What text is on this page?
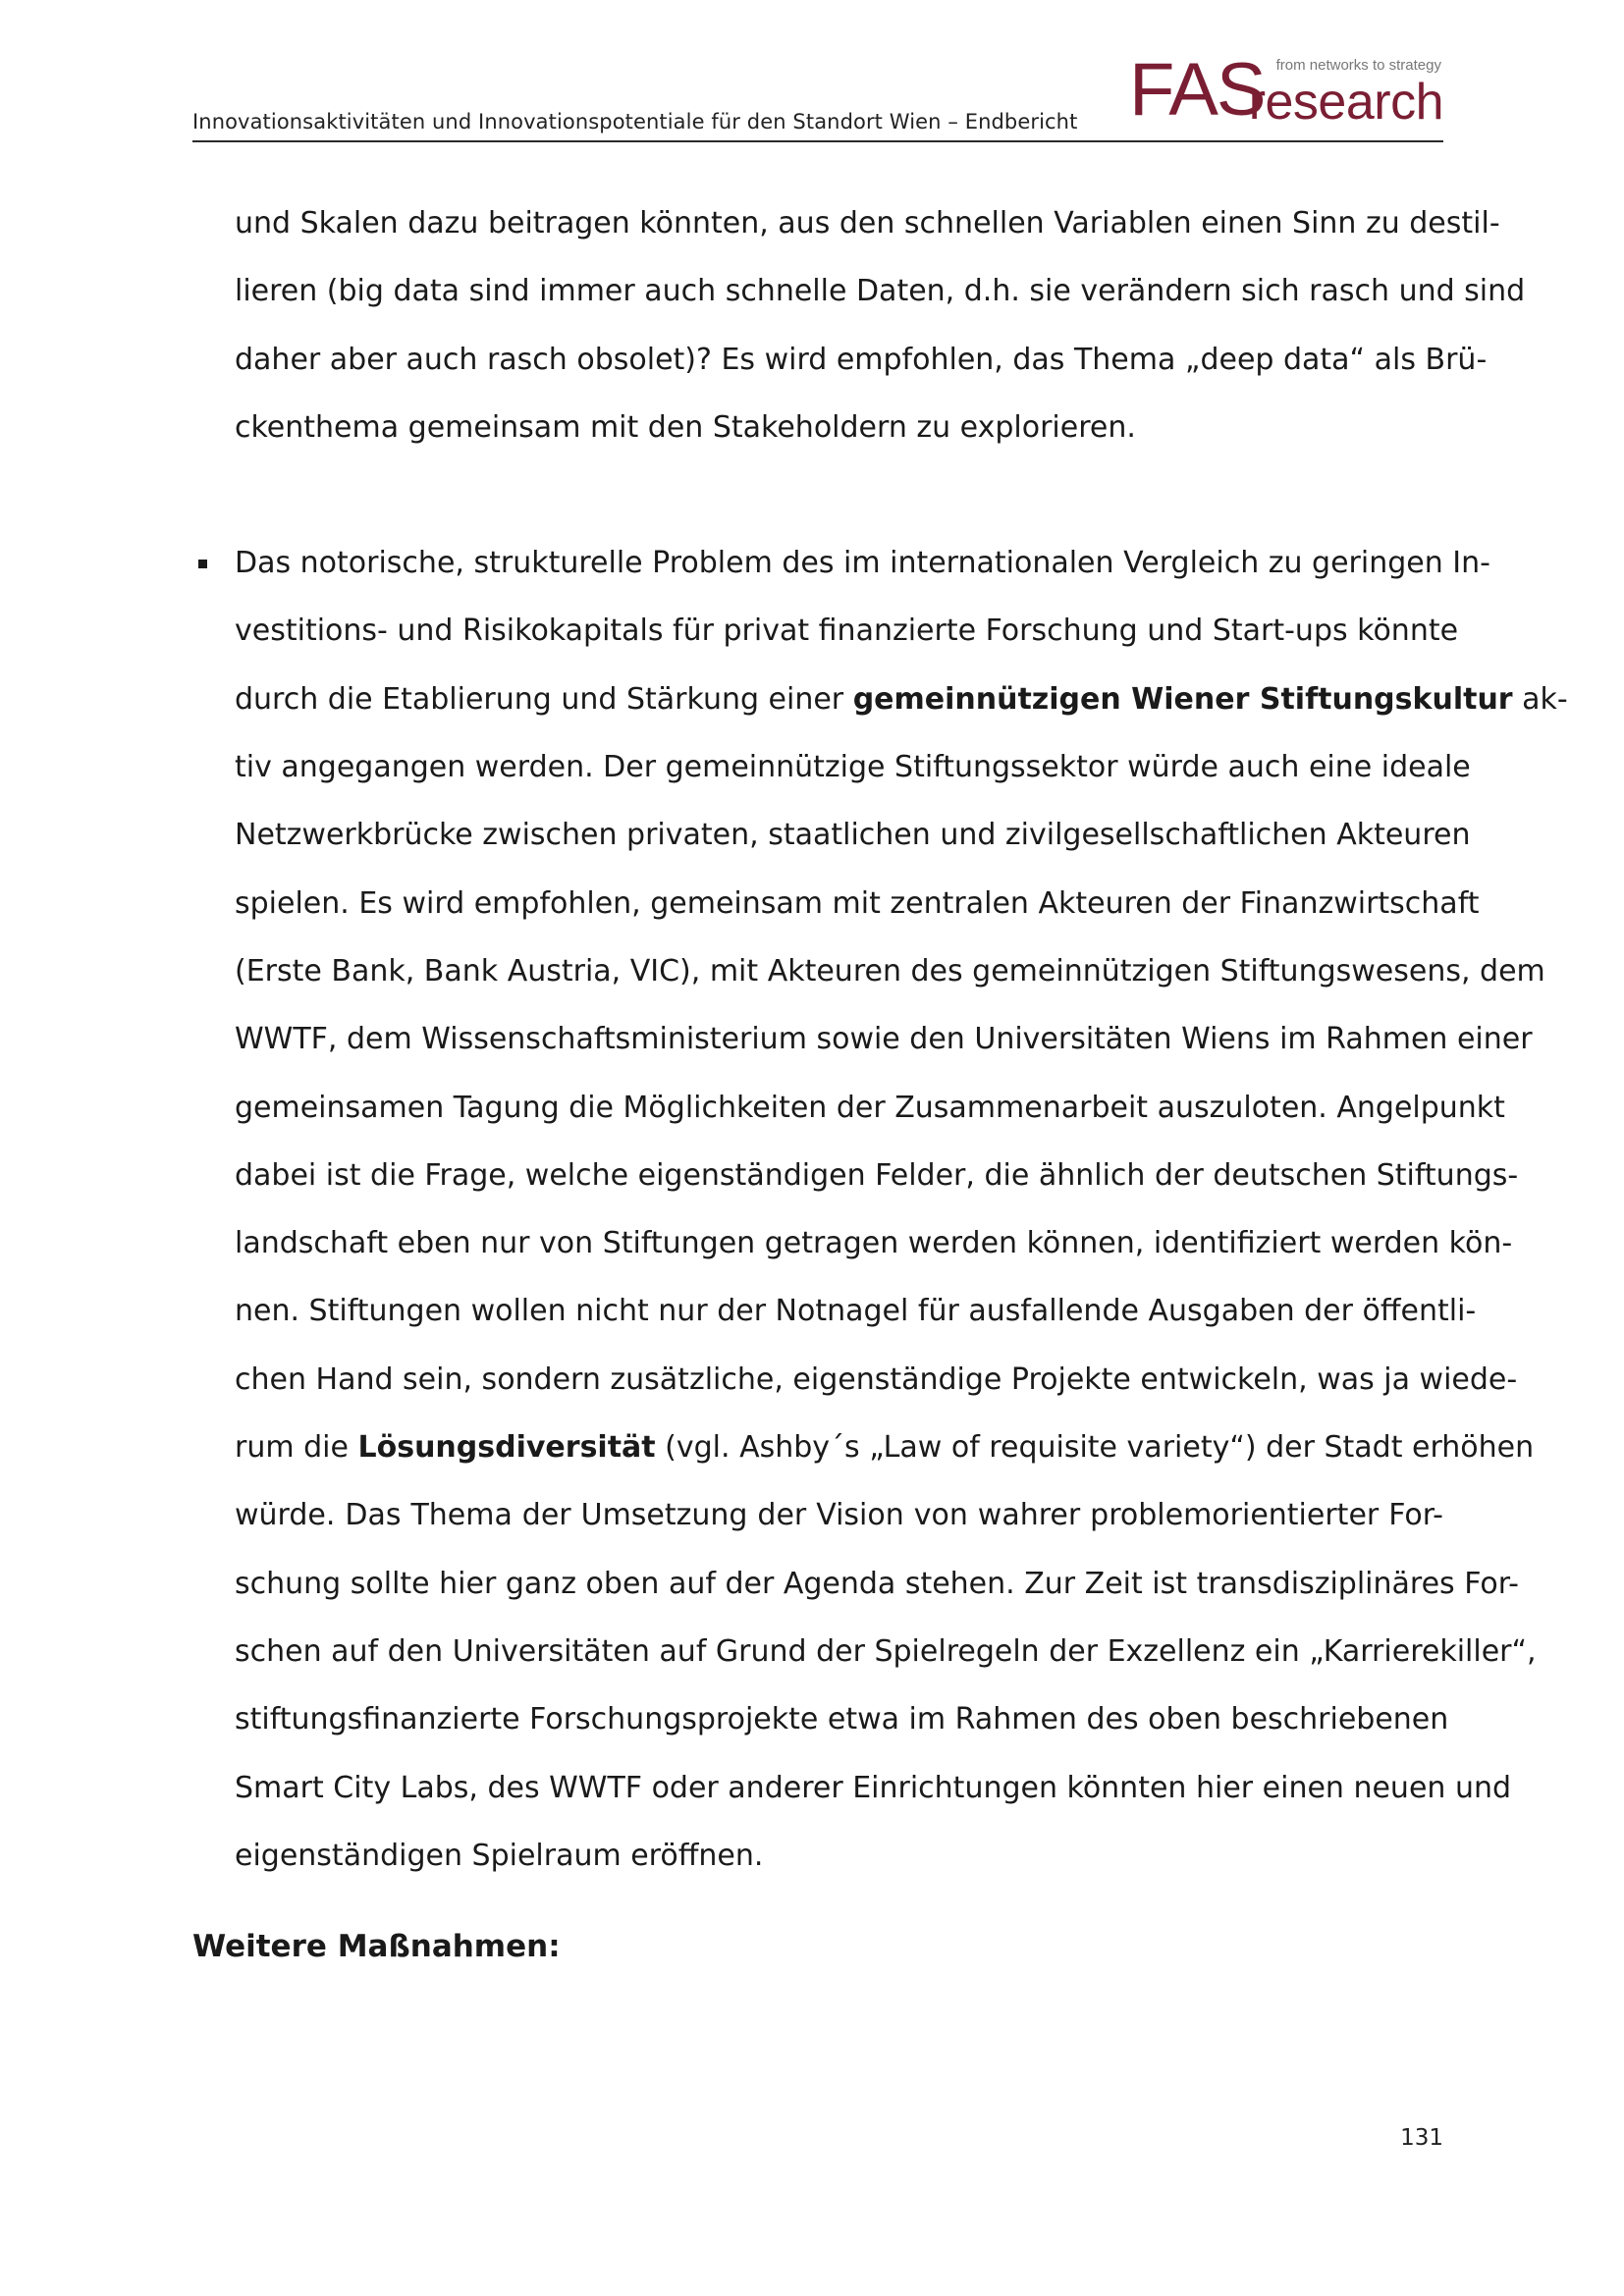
Innovationsaktivitäten und Innovationspotentiale für den Standort Wien – Endbericht FAS from networks to strategy
research
und Skalen dazu beitragen könnten, aus den schnellen Variablen einen Sinn zu destil-
lieren (big data sind immer auch schnelle Daten, d.h. sie verändern sich rasch und sind
daher aber auch rasch obsolet)? Es wird empfohlen, das Thema „deep data“ als Brü-
ckenthema gemeinsam mit den Stakeholdern zu explorieren.
Das notorische, strukturelle Problem des im internationalen Vergleich zu geringen In-
vestitions- und Risikokapitals für privat finanzierte Forschung und Start-ups könnte
durch die Etablierung und Stärkung einer gemeinnützigen Wiener Stiftungskultur ak-
tiv angegangen werden. Der gemeinnützige Stiftungssektor würde auch eine ideale
Netzwerkbrücke zwischen privaten, staatlichen und zivilgesellschaftlichen Akteuren
spielen. Es wird empfohlen, gemeinsam mit zentralen Akteuren der Finanzwirtschaft
(Erste Bank, Bank Austria, VIC), mit Akteuren des gemeinnützigen Stiftungswesens, dem
WWTF, dem Wissenschaftsministerium sowie den Universitäten Wiens im Rahmen einer
gemeinsamen Tagung die Möglichkeiten der Zusammenarbeit auszuloten. Angelpunkt
dabei ist die Frage, welche eigenständigen Felder, die ähnlich der deutschen Stiftungs-
landschaft eben nur von Stiftungen getragen werden können, identifiziert werden kön-
nen. Stiftungen wollen nicht nur der Notnagel für ausfallende Ausgaben der öffentli-
chen Hand sein, sondern zusätzliche, eigenständige Projekte entwickeln, was ja wiede-
rum die Lösungsdiversität (vgl. Ashby´s „Law of requisite variety“) der Stadt erhöhen
würde. Das Thema der Umsetzung der Vision von wahrer problemorientierter For-
schung sollte hier ganz oben auf der Agenda stehen. Zur Zeit ist transdisziplinäres For-
schen auf den Universitäten auf Grund der Spielregeln der Exzellenz ein „Karrierekiller“,
stiftungsfinanzierte Forschungsprojekte etwa im Rahmen des oben beschriebenen
Smart City Labs, des WWTF oder anderer Einrichtungen könnten hier einen neuen und
eigenständigen Spielraum eröffnen.
Weitere Maßnahmen:
131
